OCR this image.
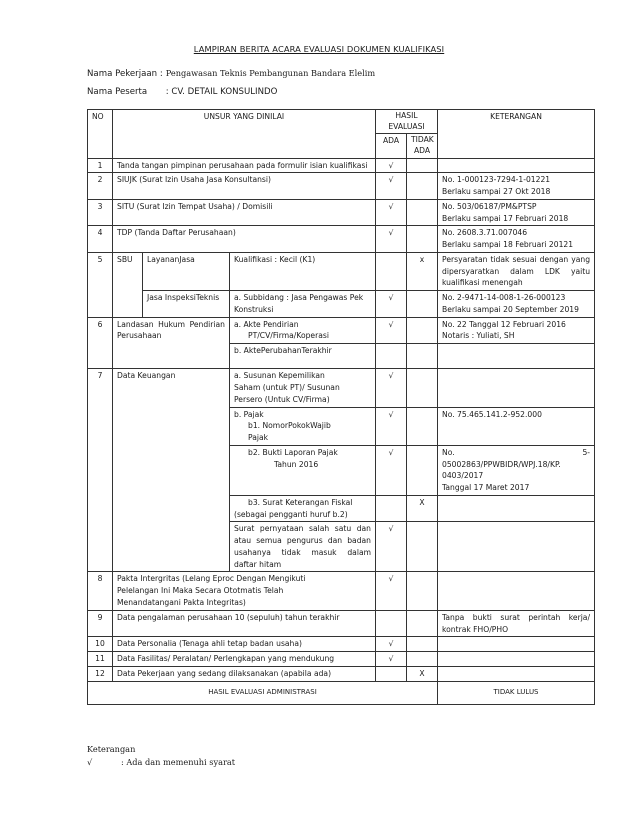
LAMPIRAN BERITA ACARA EVALUASI DOKUMEN KUALIFIKASI
Nama Pekerjaan : Pengawasan Teknis Pembangunan Bandara Elelim
Nama Peserta : CV. DETAIL KONSULINDO
NO	UNSUR YANG DINILAI			HASIL EVALUASI		KETERANGAN
				ADA	TIDAK ADA	
1	Tanda tangan pimpinan perusahaan pada formulir isian kualifikasi			√		
2	SIUJK (Surat Izin Usaha Jasa Konsultansi)			√		No. 1-000123-7294-1-01221
Berlaku sampai 27 Okt 2018

3	SITU (Surat Izin Tempat Usaha) / Domisili			√		No. 503/06187/PM&PTSP
Berlaku sampai 17 Februari 2018

4	TDP (Tanda Daftar Perusahaan)			√		No. 2608.3.71.007046
Berlaku sampai 18 Februari 20121

5	SBU	LayananJasa	Kualifikasi : Kecil (K1)		x	Persyaratan tidak sesuai dengan yang dipersyaratkan dalam LDK yaitu kualifikasi menengah
		Jasa InspeksiTeknis	a. Subbidang : Jasa Pengawas Pek Konstruksi	√		No. 2-9471-14-008-1-26-000123
Berlaku sampai 20 September 2019

6	Landasan Hukum Pendirian Perusahaan		a. Akte Pendirian
PT/CV/Firma/Koperasi	√		No. 22 Tanggal 12 Februari 2016
Notaris : Yuliati, SH

			b. AktePerubahanTerakhir			
7	Data Keuangan		a. Susunan Kepemilikan
Saham (untuk PT)/ Susunan
Persero (Untuk CV/Firma)	√		

			b. Pajak
b1. NomorPokokWajib
Pajak	√		No. 75.465.141.2-952.000

			b2. Bukti Laporan Pajak
Tahun 2016	√		No. 5-
05002863/PPWBIDR/WPJ.18/KP.
0403/2017
Tanggal 17 Maret 2017

			b3. Surat Keterangan Fiskal
(sebagai pengganti huruf b.2)		X	
			Surat pernyataan salah satu dan atau semua pengurus dan badan usahanya tidak masuk dalam daftar hitam	√		
8	Pakta Intergritas (Lelang Eproc Dengan Mengikuti Pelelangan Ini Maka Secara Ototmatis Telah Menandatangani Pakta Integritas)			√		
9	Data pengalaman perusahaan 10 (sepuluh) tahun terakhir					Tanpa bukti surat perintah kerja/ kontrak FHO/PHO
10	Data Personalia (Tenaga ahli tetap badan usaha)			√		
11	Data Fasilitas/ Peralatan/ Perlengkapan yang mendukung			√		
12	Data Pekerjaan yang sedang dilaksanakan (apabila ada)				X	
HASIL EVALUASI ADMINISTRASI						TIDAK LULUS
Keterangan
√	: Ada dan memenuhi syarat
